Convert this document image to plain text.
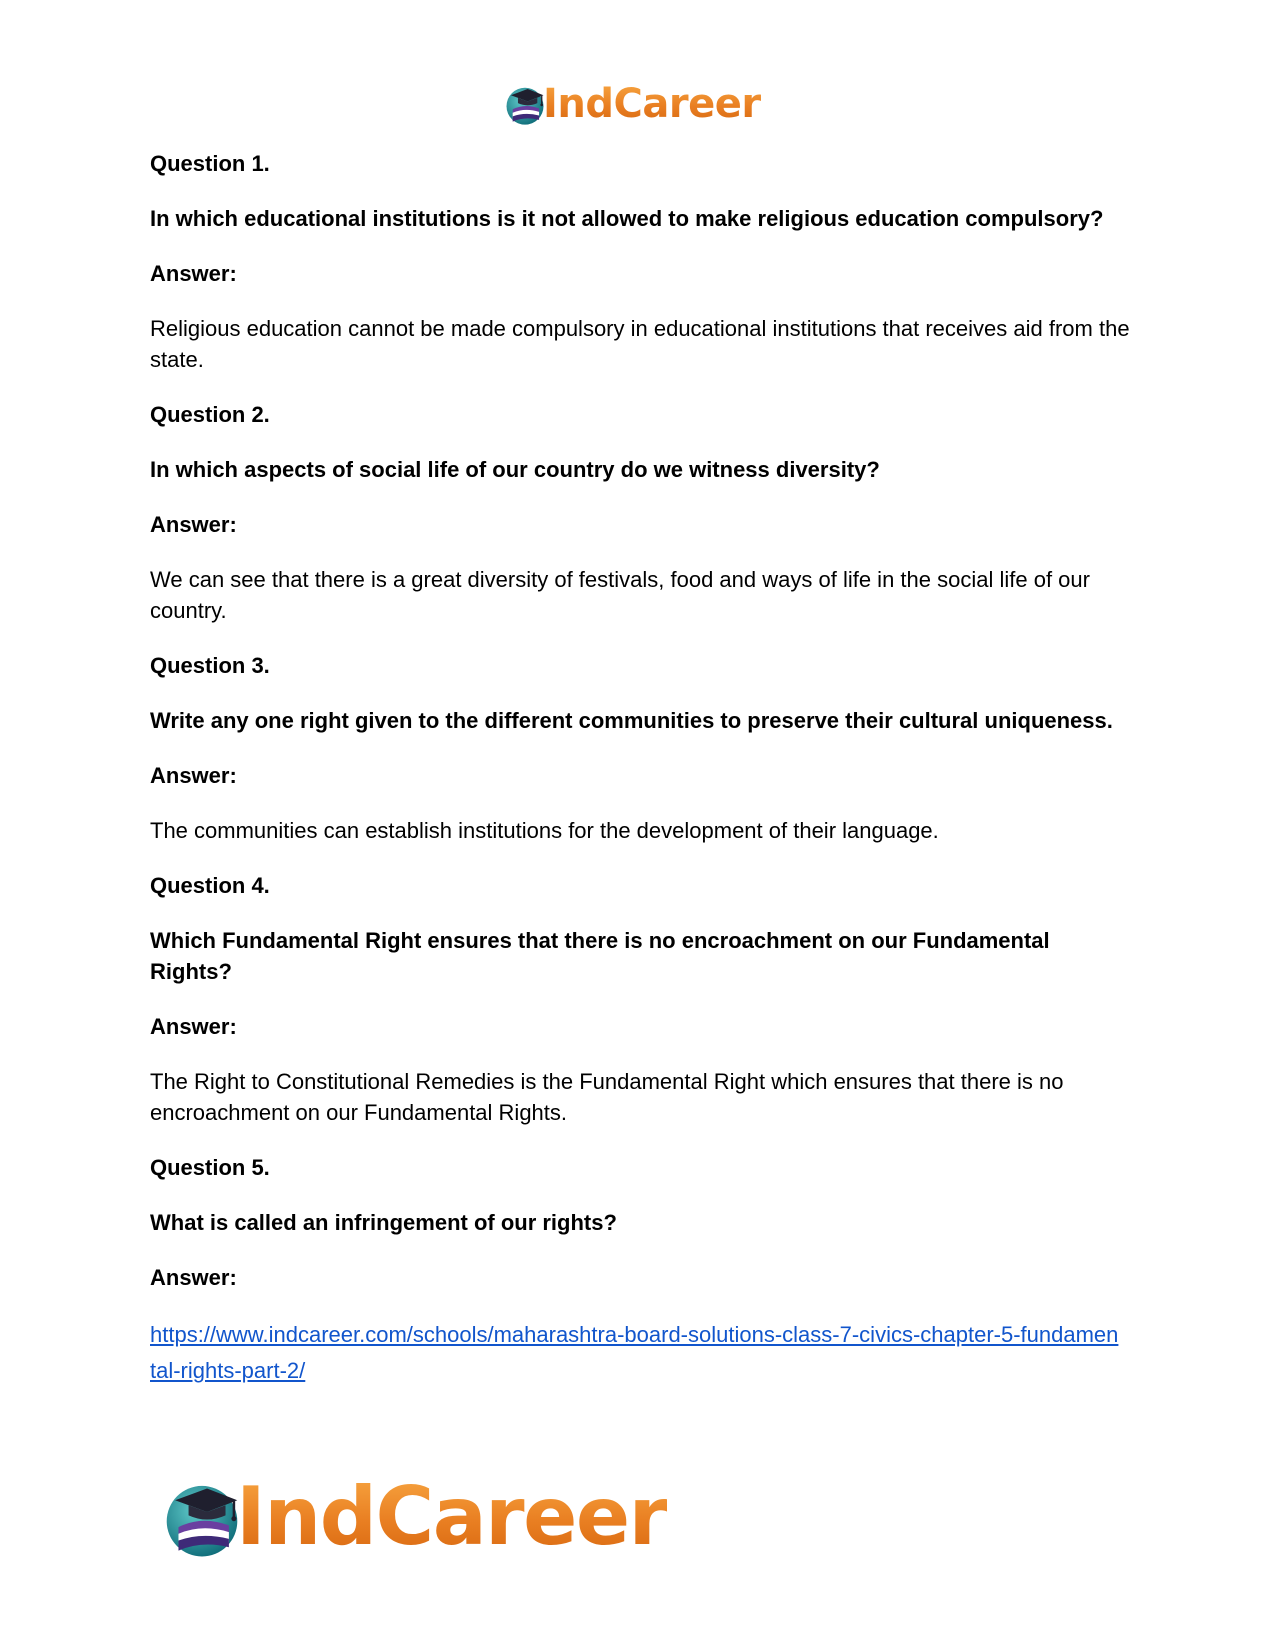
IndCareer

Question 1.

In which educational institutions is it not allowed to make religious education compulsory?

Answer:

Religious education cannot be made compulsory in educational institutions that receives aid from the state.

Question 2.

In which aspects of social life of our country do we witness diversity?

Answer:

We can see that there is a great diversity of festivals, food and ways of life in the social life of our country.

Question 3.

Write any one right given to the different communities to preserve their cultural uniqueness.

Answer:

The communities can establish institutions for the development of their language.

Question 4.

Which Fundamental Right ensures that there is no encroachment on our Fundamental Rights?

Answer:

The Right to Constitutional Remedies is the Fundamental Right which ensures that there is no encroachment on our Fundamental Rights.

Question 5.

What is called an infringement of our rights?

Answer:

https://www.indcareer.com/schools/maharashtra-board-solutions-class-7-civics-chapter-5-fundamental-rights-part-2/
IndCareer
